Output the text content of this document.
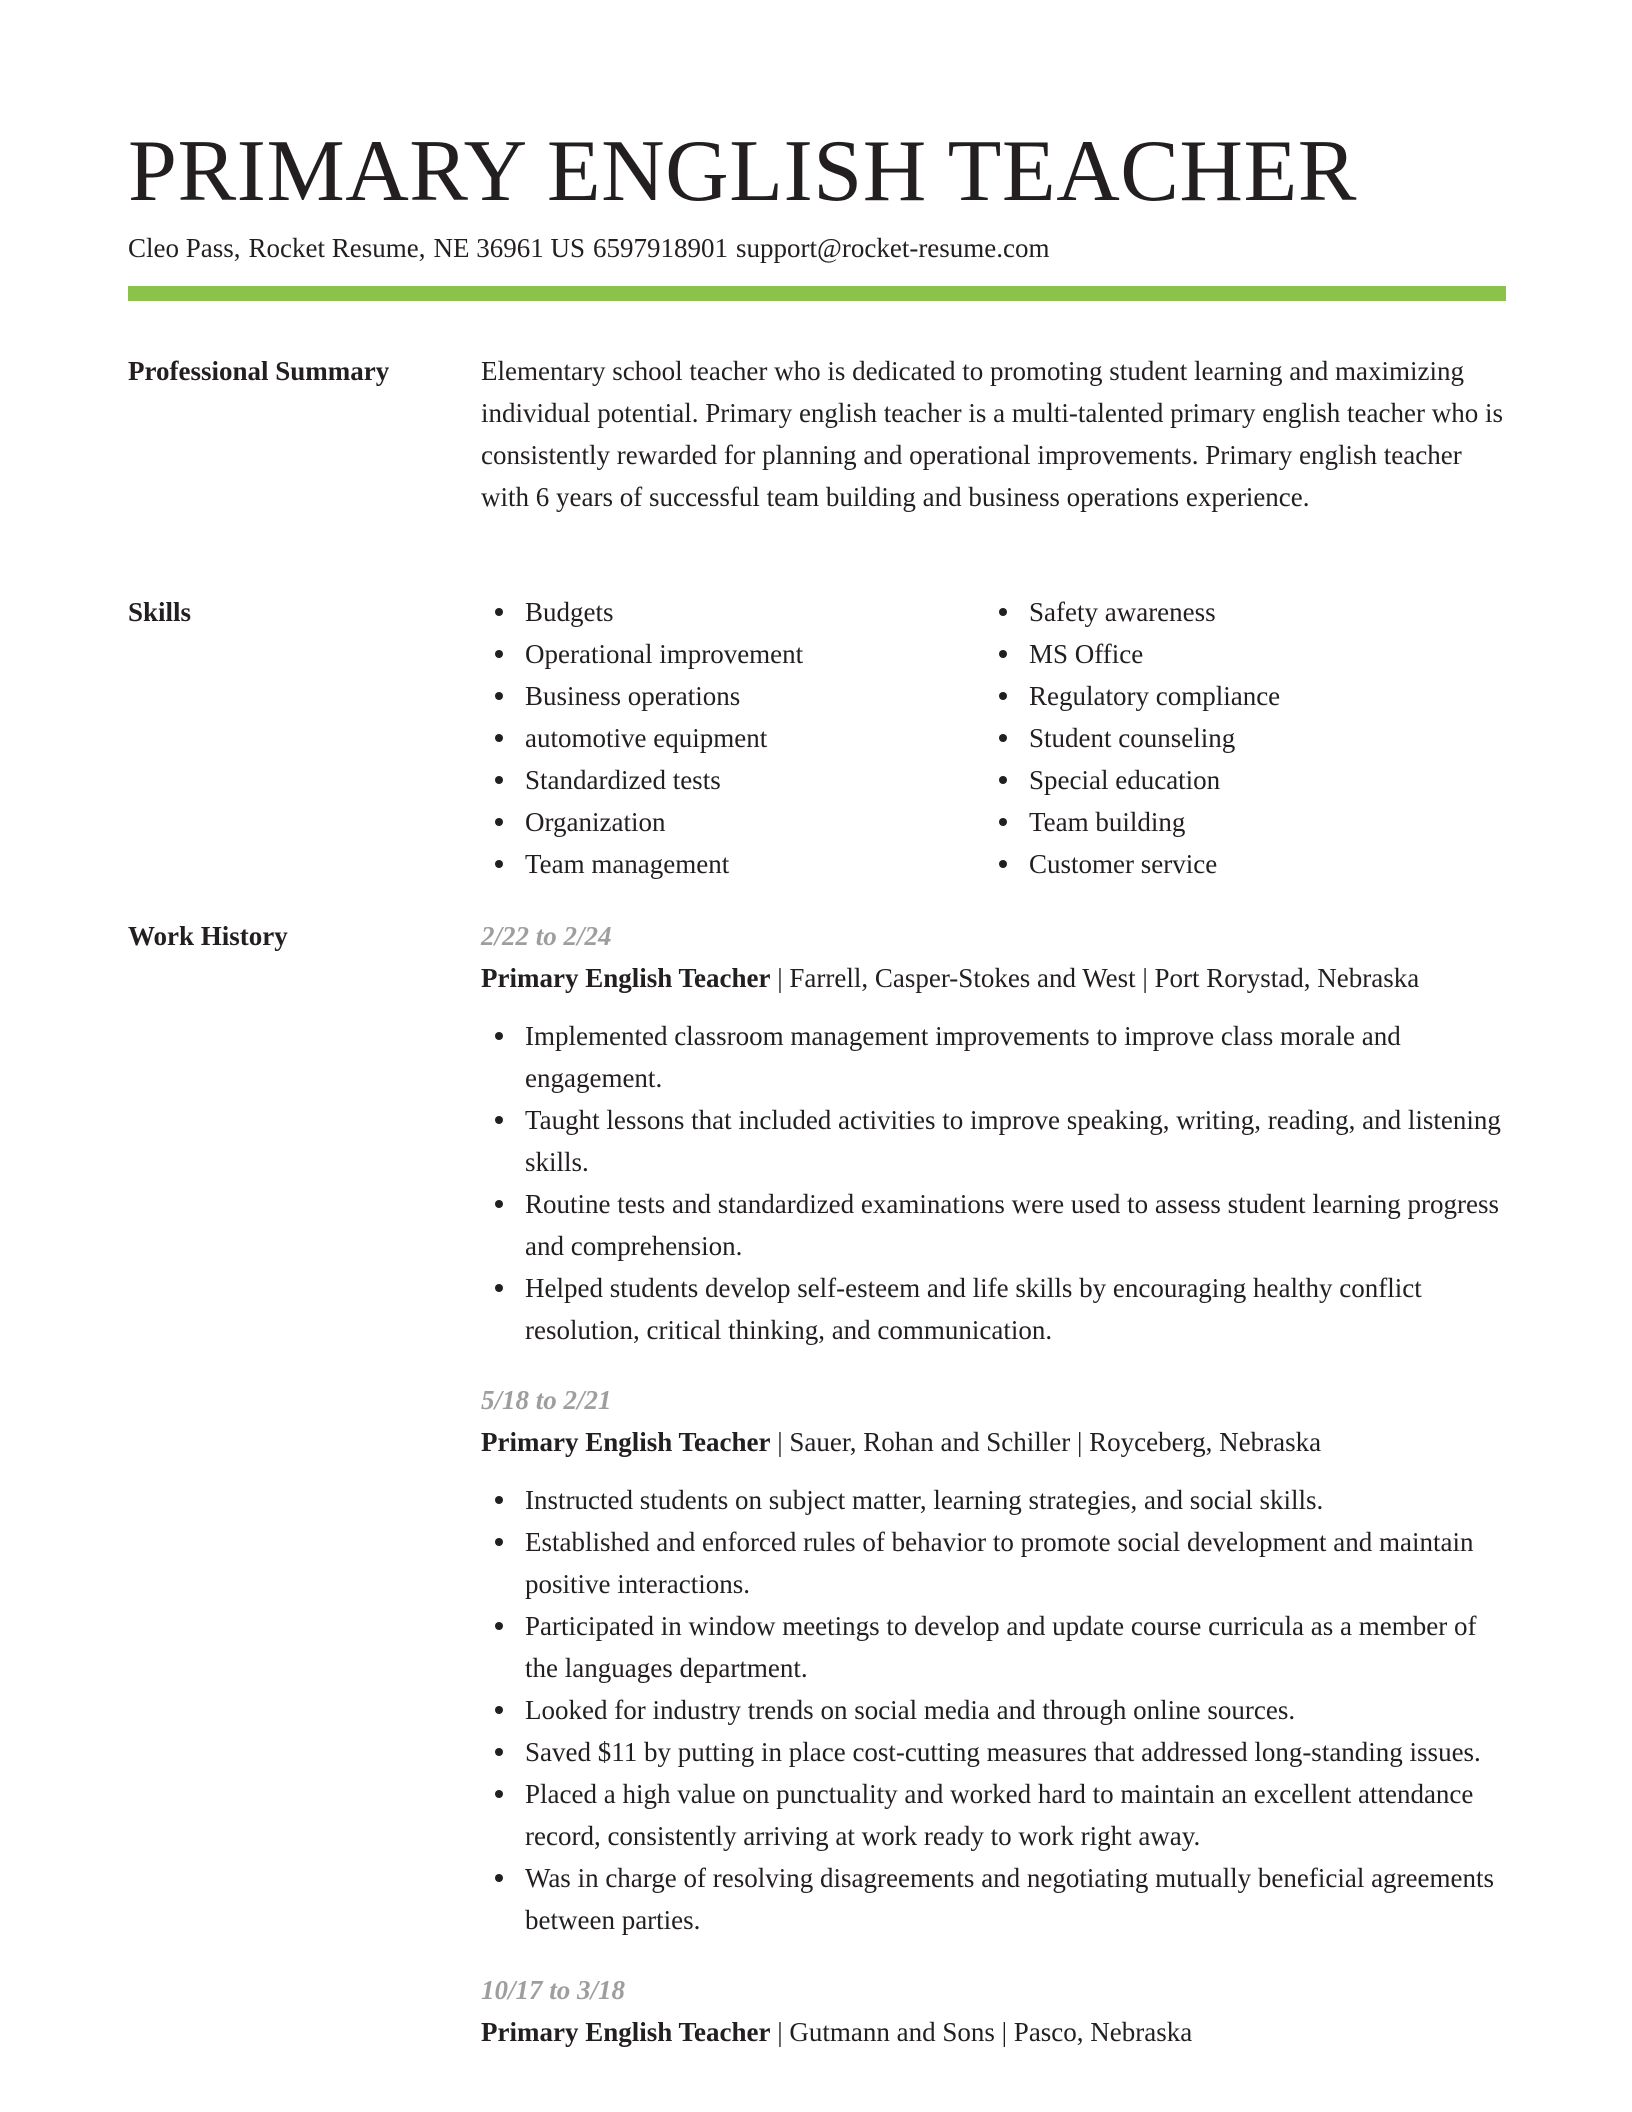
PRIMARY ENGLISH TEACHER
Cleo Pass, Rocket Resume, NE 36961 US 6597918901 support@rocket-resume.com
Professional Summary	Elementary school teacher who is dedicated to promoting student learning and maximizing individual potential. Primary english teacher is a multi-talented primary english teacher who is consistently rewarded for planning and operational improvements. Primary english teacher with 6 years of successful team building and business operations experience.

Skills	Budgets
Operational improvement
Business operations
automotive equipment
Standardized tests
Organization
Team management
Safety awareness
MS Office
Regulatory compliance
Student counseling
Special education
Team building
Customer service
Work History	2/22 to 2/24
Primary English Teacher | Farrell, Casper-Stokes and West | Port Rorystad, Nebraska
Implemented classroom management improvements to improve class morale and engagement.
Taught lessons that included activities to improve speaking, writing, reading, and listening skills.
Routine tests and standardized examinations were used to assess student learning progress and comprehension.
Helped students develop self-esteem and life skills by encouraging healthy conflict resolution, critical thinking, and communication.
5/18 to 2/21
Primary English Teacher | Sauer, Rohan and Schiller | Royceberg, Nebraska
Instructed students on subject matter, learning strategies, and social skills.
Established and enforced rules of behavior to promote social development and maintain positive interactions.
Participated in window meetings to develop and update course curricula as a member of the languages department.
Looked for industry trends on social media and through online sources.
Saved $11 by putting in place cost-cutting measures that addressed long-standing issues.
Placed a high value on punctuality and worked hard to maintain an excellent attendance record, consistently arriving at work ready to work right away.
Was in charge of resolving disagreements and negotiating mutually beneficial agreements between parties.
10/17 to 3/18
Primary English Teacher | Gutmann and Sons | Pasco, Nebraska
